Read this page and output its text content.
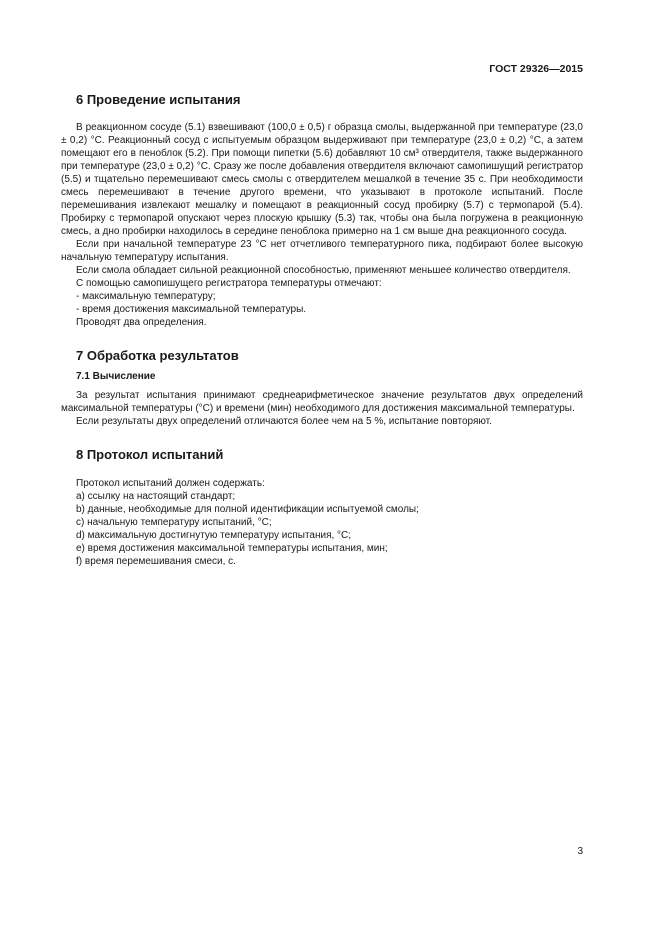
ГОСТ 29326—2015
6 Проведение испытания

В реакционном сосуде (5.1) взвешивают (100,0 ± 0,5) г образца смолы, выдержанной при температуре (23,0 ± 0,2) °C. Реакционный сосуд с испытуемым образцом выдерживают при температуре (23,0 ± 0,2) °C, а затем помещают его в пеноблок (5.2). При помощи пипетки (5.6) добавляют 10 см³ отвердителя, также выдержанного при температуре (23,0 ± 0,2) °C. Сразу же после добавления отвердителя включают самопишущий регистратор (5.5) и тщательно перемешивают смесь смолы с отвердителем мешалкой в течение 35 с. При необходимости смесь перемешивают в течение другого времени, что указывают в протоколе испытаний. После перемешивания извлекают мешалку и помещают в реакционный сосуд пробирку (5.7) с термопарой (5.4). Пробирку с термопарой опускают через плоскую крышку (5.3) так, чтобы она была погружена в реакционную смесь, а дно пробирки находилось в середине пеноблока примерно на 1 см выше дна реакционного сосуда.

Если при начальной температуре 23 °C нет отчетливого температурного пика, подбирают более высокую начальную температуру испытания.

Если смола обладает сильной реакционной способностью, применяют меньшее количество отвердителя.

С помощью самопишущего регистратора температуры отмечают:

- максимальную температуру;
- время достижения максимальной температуры.

Проводят два определения.

7 Обработка результатов
7.1 Вычисление

За результат испытания принимают среднеарифметическое значение результатов двух определений максимальной температуры (°C) и времени (мин) необходимого для достижения максимальной температуры.

Если результаты двух определений отличаются более чем на 5 %, испытание повторяют.

8 Протокол испытаний
Протокол испытаний должен содержать:
a) ссылку на настоящий стандарт;
b) данные, необходимые для полной идентификации испытуемой смолы;
c) начальную температуру испытаний, °C;
d) максимальную достигнутую температуру испытания, °C;
e) время достижения максимальной температуры испытания, мин;
f) время перемешивания смеси, с.
3
